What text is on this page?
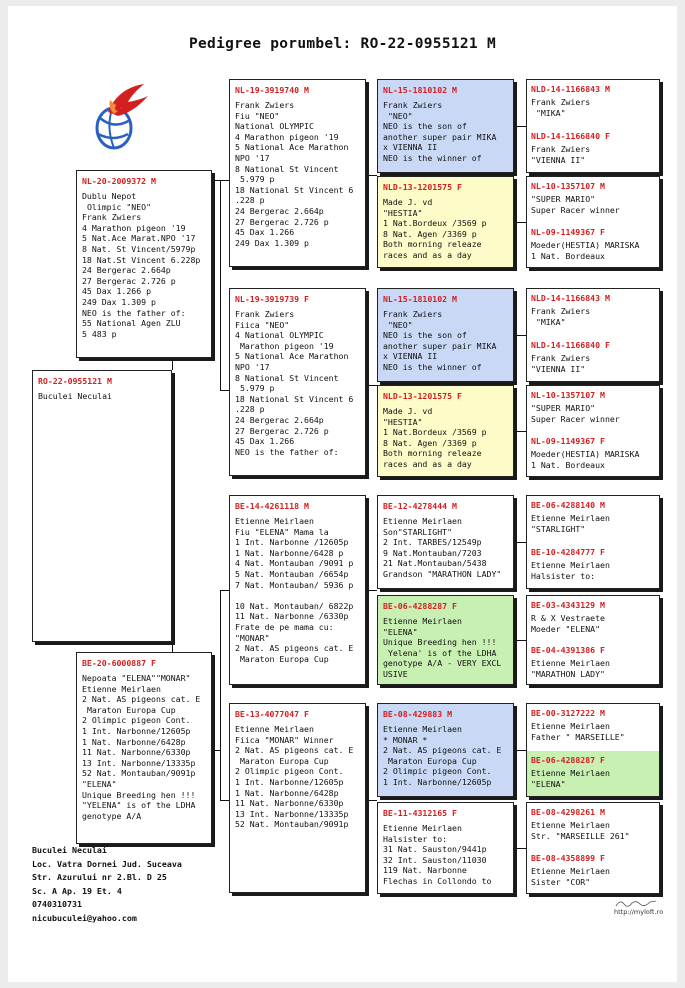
Pedigree porumbel: RO-22-0955121 M
RO-22-0955121 M
Buculei Neculai
NL-20-2009372 M
Dublu Nepot
Olimpic "NEO"
Frank Zwiers
4 Marathon pigeon '19
5 Nat.Ace Marat.NPO '17
8 Nat. St Vincent/5979p
18 Nat.St Vincent 6.228p
24 Bergerac 2.664p
27 Bergerac 2.726 p
45 Dax 1.266 p
249 Dax 1.309 p
NEO is the father of:
55 National Agen ZLU
5 483 p
BE-20-6000887 F
Nepoata "ELENA""MONAR"
Etienne Meirlaen
2 Nat. AS pigeons cat. E
Maraton Europa Cup
2 Olimpic pigeon Cont.
1 Int. Narbonne/12605p
1 Nat. Narbonne/6428p
11 Nat. Narbonne/6330p
13 Int. Narbonne/13335p
52 Nat. Montauban/9091p
"ELENA"
Unique Breeding hen !!!
"YELENA" is of the LDHA
genotype A/A
NL-19-3919740 M
Frank Zwiers
Fiu "NEO"
National OLYMPIC
4 Marathon pigeon '19
5 National Ace Marathon
NPO '17
8 National St Vincent
5.979 p
18 National St Vincent 6
.228 p
24 Bergerac 2.664p
27 Bergerac 2.726 p
45 Dax 1.266
249 Dax 1.309 p
NL-19-3919739 F
Frank Zwiers
Fiica "NEO"
4 National OLYMPIC
Marathon pigeon '19
5 National Ace Marathon
NPO '17
8 National St Vincent
5.979 p
18 National St Vincent 6
.228 p
24 Bergerac 2.664p
27 Bergerac 2.726 p
45 Dax 1.266
NEO is the father of:
BE-14-4261118 M
Etienne Meirlaen
Fiu "ELENA" Mama la
1 Int. Narbonne /12605p
1 Nat. Narbonne/6428 p
4 Nat. Montauban /9091 p
5 Nat. Montauban /6654p
7 Nat. Montauban/ 5936 p

10 Nat. Montauban/ 6822p
11 Nat. Narbonne /6330p
Frate de pe mama cu:
"MONAR"
2 Nat. AS pigeons cat. E
Maraton Europa Cup
BE-13-4077047 F
Etienne Meirlaen
Fiica "MONAR" Winner
2 Nat. AS pigeons cat. E
Maraton Europa Cup
2 Olimpic pigeon Cont.
1 Int. Narbonne/12605p
1 Nat. Narbonne/6428p
11 Nat. Narbonne/6330p
13 Int. Narbonne/13335p
52 Nat. Montauban/9091p
NL-15-1810102 M
Frank Zwiers
"NEO"
NEO is the son of
another super pair MIKA
x VIENNA II
NEO is the winner of
NLD-13-1201575 F
Made J. vd
"HESTIA"
1 Nat.Bordeux /3569 p
8 Nat. Agen /3369 p
Both morning releaze
races and as a day
NL-15-1810102 M
Frank Zwiers
"NEO"
NEO is the son of
another super pair MIKA
x VIENNA II
NEO is the winner of
NLD-13-1201575 F
Made J. vd
"HESTIA"
1 Nat.Bordeux /3569 p
8 Nat. Agen /3369 p
Both morning releaze
races and as a day
BE-12-4278444 M
Etienne Meirlaen
Son"STARLIGHT"
2 Int. TARBES/12549p
9 Nat.Montauban/7203
21 Nat.Montauban/5438
Grandson "MARATHON LADY"
BE-06-4288287 F
Etienne Meirlaen
"ELENA"
Unique Breeding hen !!!
Yelena' is of the LDHA
genotype A/A - VERY EXCL
USIVE
BE-08-429883 M
Etienne Meirlaen
* MONAR *
2 Nat. AS pigeons cat. E
Maraton Europa Cup
2 Olimpic pigeon Cont.
1 Int. Narbonne/12605p
BE-11-4312165 F
Etienne Meirlaen
Halsister to:
31 Nat. Sauston/9441p
32 Int. Sauston/11030
119 Nat. Narbonne
Flechas in Collondo to
NLD-14-1166843 M
Frank Zwiers
"MIKA"
NLD-14-1166840 F
Frank Zwiers
"VIENNA II"
NL-10-1357107 M
"SUPER MARIO"
Super Racer winner
NL-09-1149367 F
Moeder(HESTIA) MARISKA
1 Nat. Bordeaux
NLD-14-1166843 M
Frank Zwiers
"MIKA"
NLD-14-1166840 F
Frank Zwiers
"VIENNA II"
NL-10-1357107 M
"SUPER MARIO"
Super Racer winner
NL-09-1149367 F
Moeder(HESTIA) MARISKA
1 Nat. Bordeaux
BE-06-4288140 M
Etienne Meirlaen
"STARLIGHT"
BE-10-4284777 F
Etienne Meirlaen
Halsister to:
BE-03-4343129 M
R & X Vestraete
Moeder "ELENA"
BE-04-4391386 F
Etienne Meirlaen
"MARATHON LADY"
BE-00-3127222 M
Etienne Meirlaen
Father " MARSEILLE"
BE-06-4288287 F
Etienne Meirlaen
"ELENA"
BE-08-4298261 M
Etienne Meirlaen
Str. "MARSEILLE 261"
BE-08-4358899 F
Etienne Meirlaen
Sister "COR"
Buculei Neculai
Loc. Vatra Dornei Jud. Suceava
Str. Azurului nr 2.Bl. D 25
Sc. A Ap. 19 Et. 4
0740310731
nicubuculei@yahoo.com
http://myloft.ro
